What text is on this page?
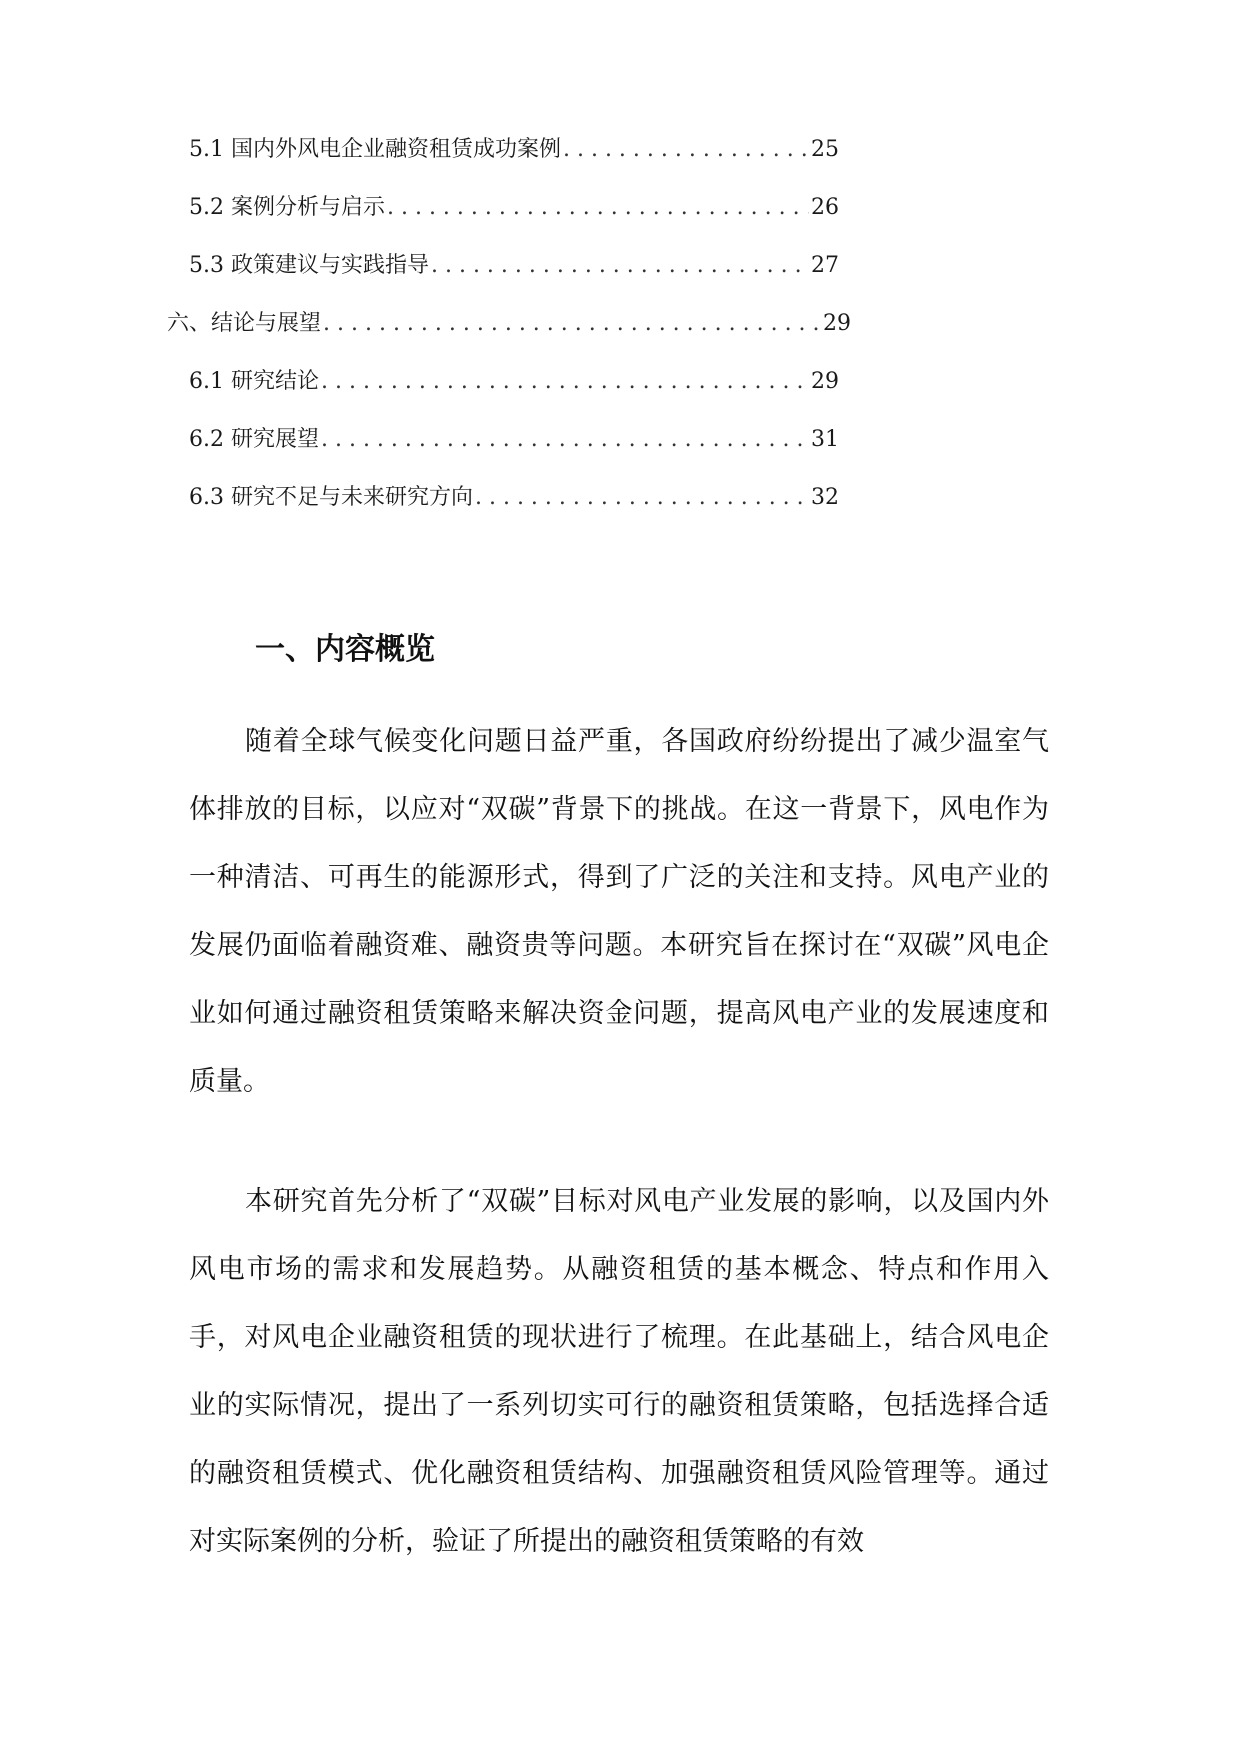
5.1 国内外风电企业融资租赁成功案例 . . .	25
5.2 案例分析与启示 . . .	26
5.3 政策建议与实践指导 . . .	27
六、结论与展望 . . .	29
6.1 研究结论 . . .	29
6.2 研究展望 . . .	31
6.3 研究不足与未来研究方向 . . .	32
一、内容概览

随着全球气候变化问题日益严重，各国政府纷纷提出了减少温室气体排放的目标，以应对“双碳”背景下的挑战。在这一背景下，风电作为一种清洁、可再生的能源形式，得到了广泛的关注和支持。风电产业的发展仍面临着融资难、融资贵等问题。本研究旨在探讨在“双碳”风电企业如何通过融资租赁策略来解决资金问题，提高风电产业的发展速度和质量。

本研究首先分析了“双碳”目标对风电产业发展的影响，以及国内外风电市场的需求和发展趋势。从融资租赁的基本概念、特点和作用入手，对风电企业融资租赁的现状进行了梳理。在此基础上，结合风电企业的实际情况，提出了一系列切实可行的融资租赁策略，包括选择合适的融资租赁模式、优化融资租赁结构、加强融资租赁风险管理等。通过对实际案例的分析，验证了所提出的融资租赁策略的有效
